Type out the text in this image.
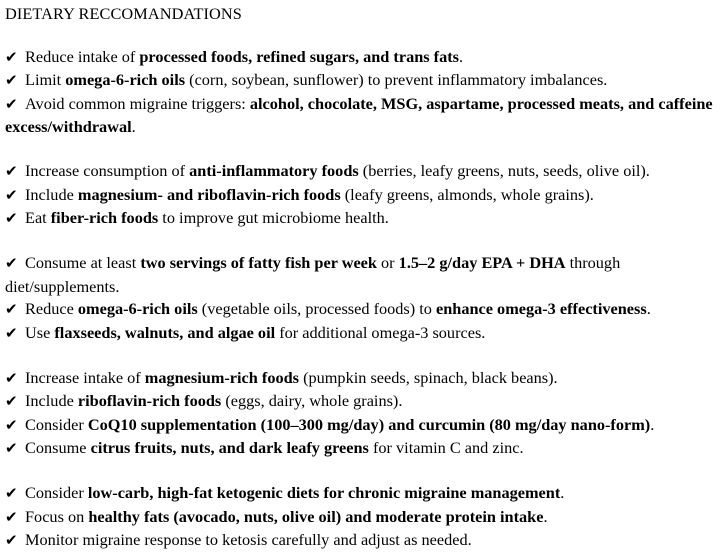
DIETARY RECCOMANDATIONS
✔ Reduce intake of processed foods, refined sugars, and trans fats.
✔ Limit omega-6-rich oils (corn, soybean, sunflower) to prevent inflammatory imbalances.
✔ Avoid common migraine triggers: alcohol, chocolate, MSG, aspartame, processed meats, and caffeine excess/withdrawal.
✔ Increase consumption of anti-inflammatory foods (berries, leafy greens, nuts, seeds, olive oil).
✔ Include magnesium- and riboflavin-rich foods (leafy greens, almonds, whole grains).
✔ Eat fiber-rich foods to improve gut microbiome health.
✔ Consume at least two servings of fatty fish per week or 1.5–2 g/day EPA + DHA through diet/supplements.
✔ Reduce omega-6-rich oils (vegetable oils, processed foods) to enhance omega-3 effectiveness.
✔ Use flaxseeds, walnuts, and algae oil for additional omega-3 sources.
✔ Increase intake of magnesium-rich foods (pumpkin seeds, spinach, black beans).
✔ Include riboflavin-rich foods (eggs, dairy, whole grains).
✔ Consider CoQ10 supplementation (100–300 mg/day) and curcumin (80 mg/day nano-form).
✔ Consume citrus fruits, nuts, and dark leafy greens for vitamin C and zinc.
✔ Consider low-carb, high-fat ketogenic diets for chronic migraine management.
✔ Focus on healthy fats (avocado, nuts, olive oil) and moderate protein intake.
✔ Monitor migraine response to ketosis carefully and adjust as needed.
